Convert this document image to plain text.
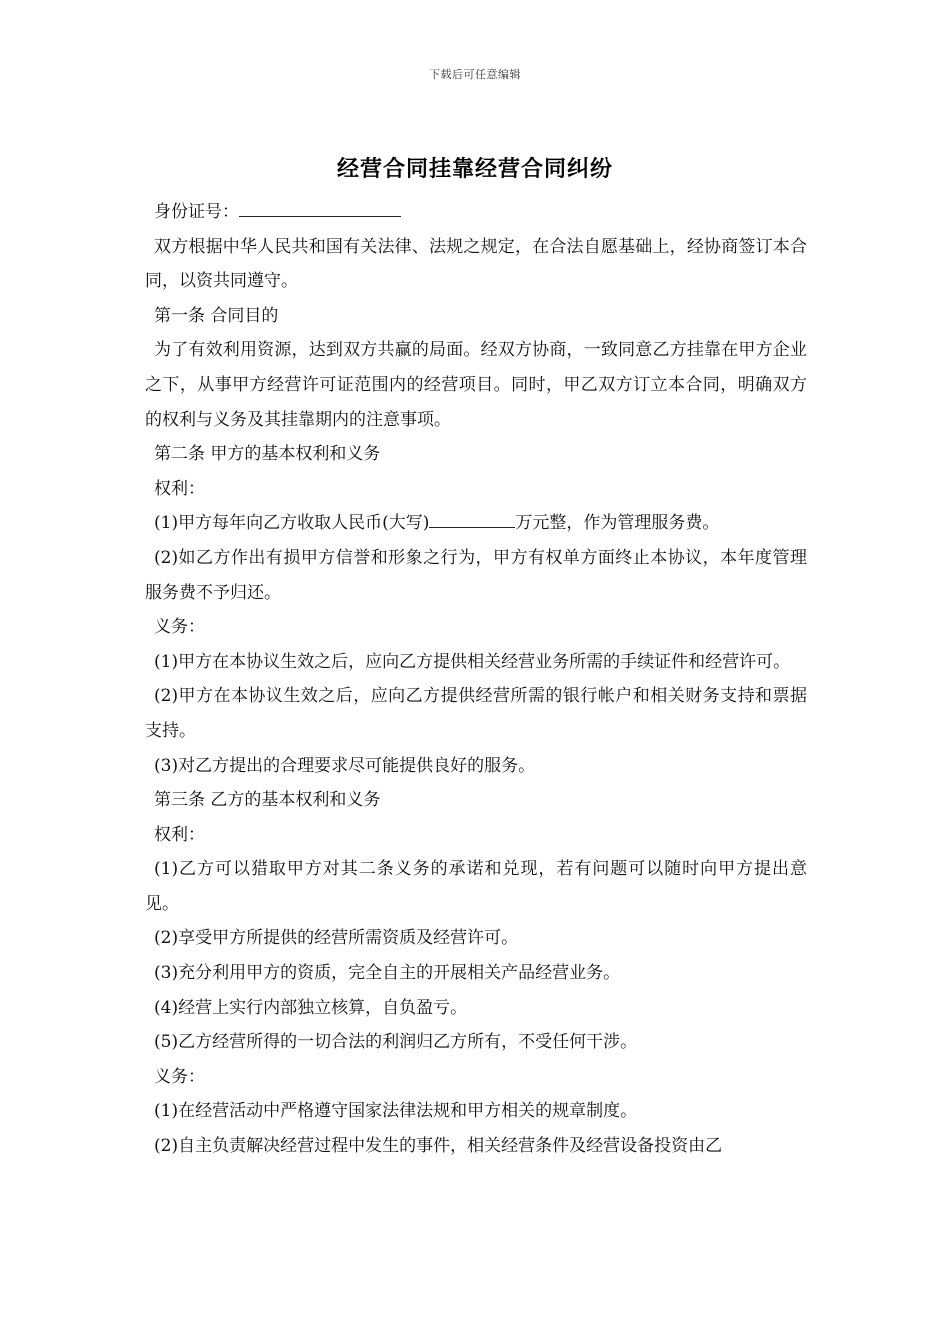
下载后可任意编辑
经营合同挂靠经营合同纠纷

身份证号：

双方根据中华人民共和国有关法律、法规之规定，在合法自愿基础上，经协商签订本合同，以资共同遵守。

第一条 合同目的

为了有效利用资源，达到双方共赢的局面。经双方协商，一致同意乙方挂靠在甲方企业之下，从事甲方经营许可证范围内的经营项目。同时，甲乙双方订立本合同，明确双方的权利与义务及其挂靠期内的注意事项。

第二条 甲方的基本权利和义务

权利：

(1)甲方每年向乙方收取人民币(大写)	万元整，作为管理服务费。

(2)如乙方作出有损甲方信誉和形象之行为，甲方有权单方面终止本协议，本年度管理服务费不予归还。

义务：

(1)甲方在本协议生效之后，应向乙方提供相关经营业务所需的手续证件和经营许可。

(2)甲方在本协议生效之后，应向乙方提供经营所需的银行帐户和相关财务支持和票据支持。

(3)对乙方提出的合理要求尽可能提供良好的服务。

第三条 乙方的基本权利和义务

权利：

(1)乙方可以猎取甲方对其二条义务的承诺和兑现，若有问题可以随时向甲方提出意见。

(2)享受甲方所提供的经营所需资质及经营许可。

(3)充分利用甲方的资质，完全自主的开展相关产品经营业务。

(4)经营上实行内部独立核算，自负盈亏。

(5)乙方经营所得的一切合法的利润归乙方所有，不受任何干涉。

义务：

(1)在经营活动中严格遵守国家法律法规和甲方相关的规章制度。

(2)自主负责解决经营过程中发生的事件，相关经营条件及经营设备投资由乙
